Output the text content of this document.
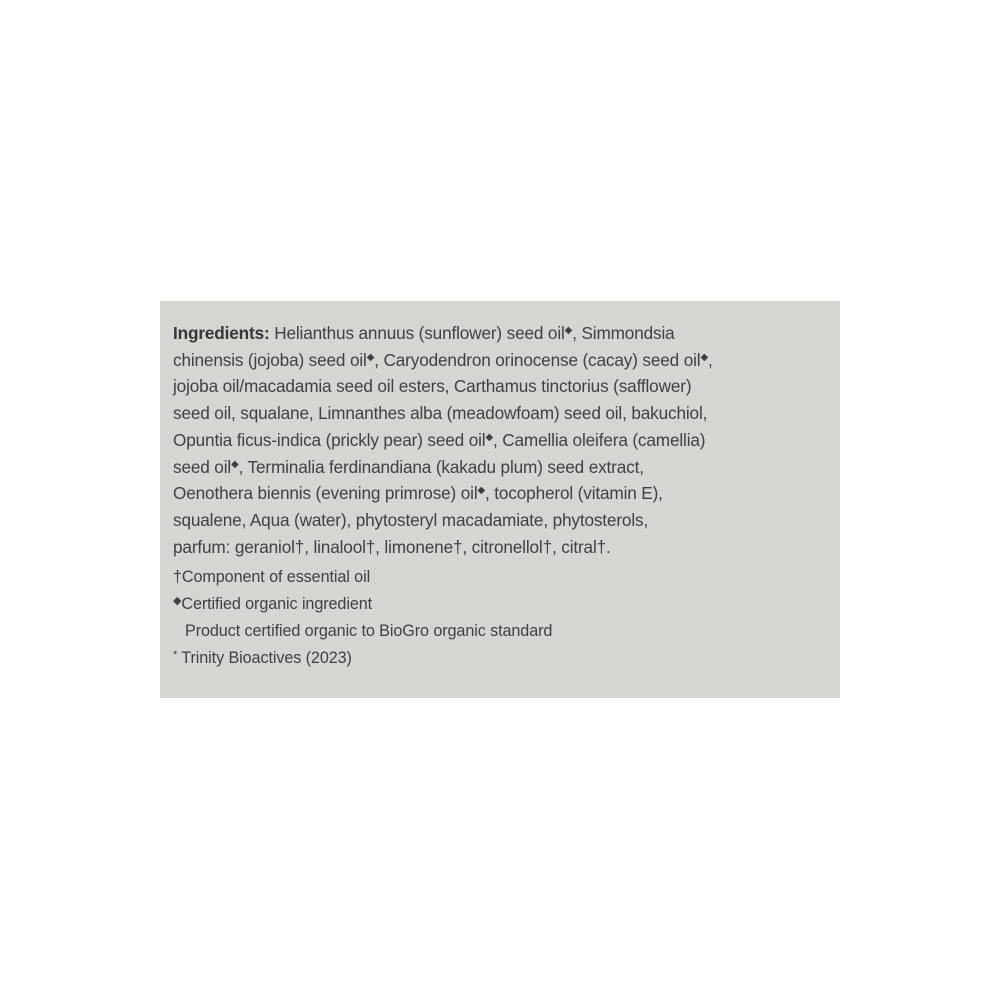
Ingredients: Helianthus annuus (sunflower) seed oil◆, Simmondsia
chinensis (jojoba) seed oil◆, Caryodendron orinocense (cacay) seed oil◆,
jojoba oil/macadamia seed oil esters, Carthamus tinctorius (safflower)
seed oil, squalane, Limnanthes alba (meadowfoam) seed oil, bakuchiol,
Opuntia ficus-indica (prickly pear) seed oil◆, Camellia oleifera (camellia)
seed oil◆, Terminalia ferdinandiana (kakadu plum) seed extract,
Oenothera biennis (evening primrose) oil◆, tocopherol (vitamin E),
squalene, Aqua (water), phytosteryl macadamiate, phytosterols,
parfum: geraniol†, linalool†, limonene†, citronellol†, citral†.

†Component of essential oil
◆Certified organic ingredient
Product certified organic to BioGro organic standard
* Trinity Bioactives (2023)
